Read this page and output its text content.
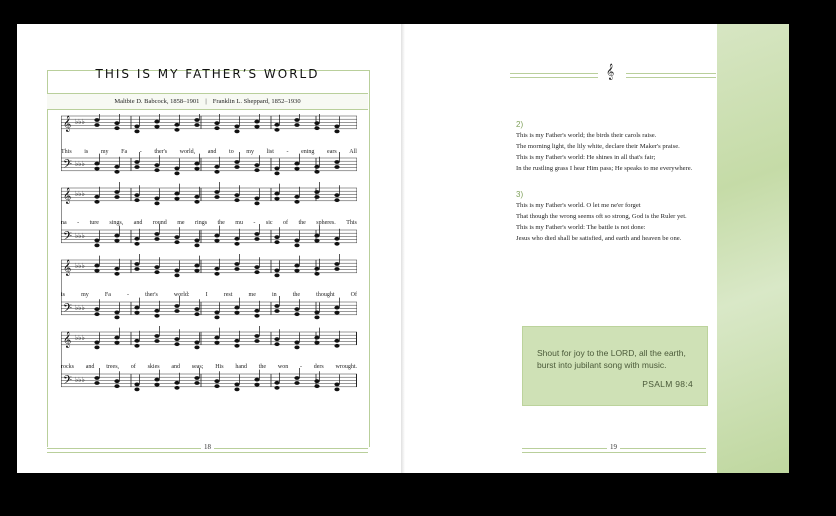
THIS IS MY FATHER’S WORLD
Maltbie D. Babcock, 1858–1901 | Franklin L. Sheppard, 1852–1930
𝄞 ♭♭♭
𝄢 ♭♭♭
𝄞 ♭♭♭
𝄢 ♭♭♭
𝄞 ♭♭♭
𝄢 ♭♭♭
𝄞 ♭♭♭
𝄢 ♭♭♭
This is my Fa - ther's world, and to my list - ening ears All
na - ture sings, and round me rings the mu - sic of the spheres. This
is	my	Fa	-	ther's	world:	I	rest	me	in	the	thought	Of
rocks and trees, of skies and seas; His hand the won - ders wrought.
18
𝄞
2)
This is my Father's world; the birds their carols raise.
The morning light, the lily white, declare their Maker's praise.
This is my Father's world: He shines in all that's fair;
In the rustling grass I hear Him pass; He speaks to me everywhere.
3)
This is my Father's world. O let me ne'er forget
That though the wrong seems oft so strong, God is the Ruler yet.
This is my Father's world: The battle is not done:
Jesus who died shall be satisfied, and earth and heaven be one.
Shout for joy to the LORD, all the earth,
burst into jubilant song with music.
PSALM 98:4
19
